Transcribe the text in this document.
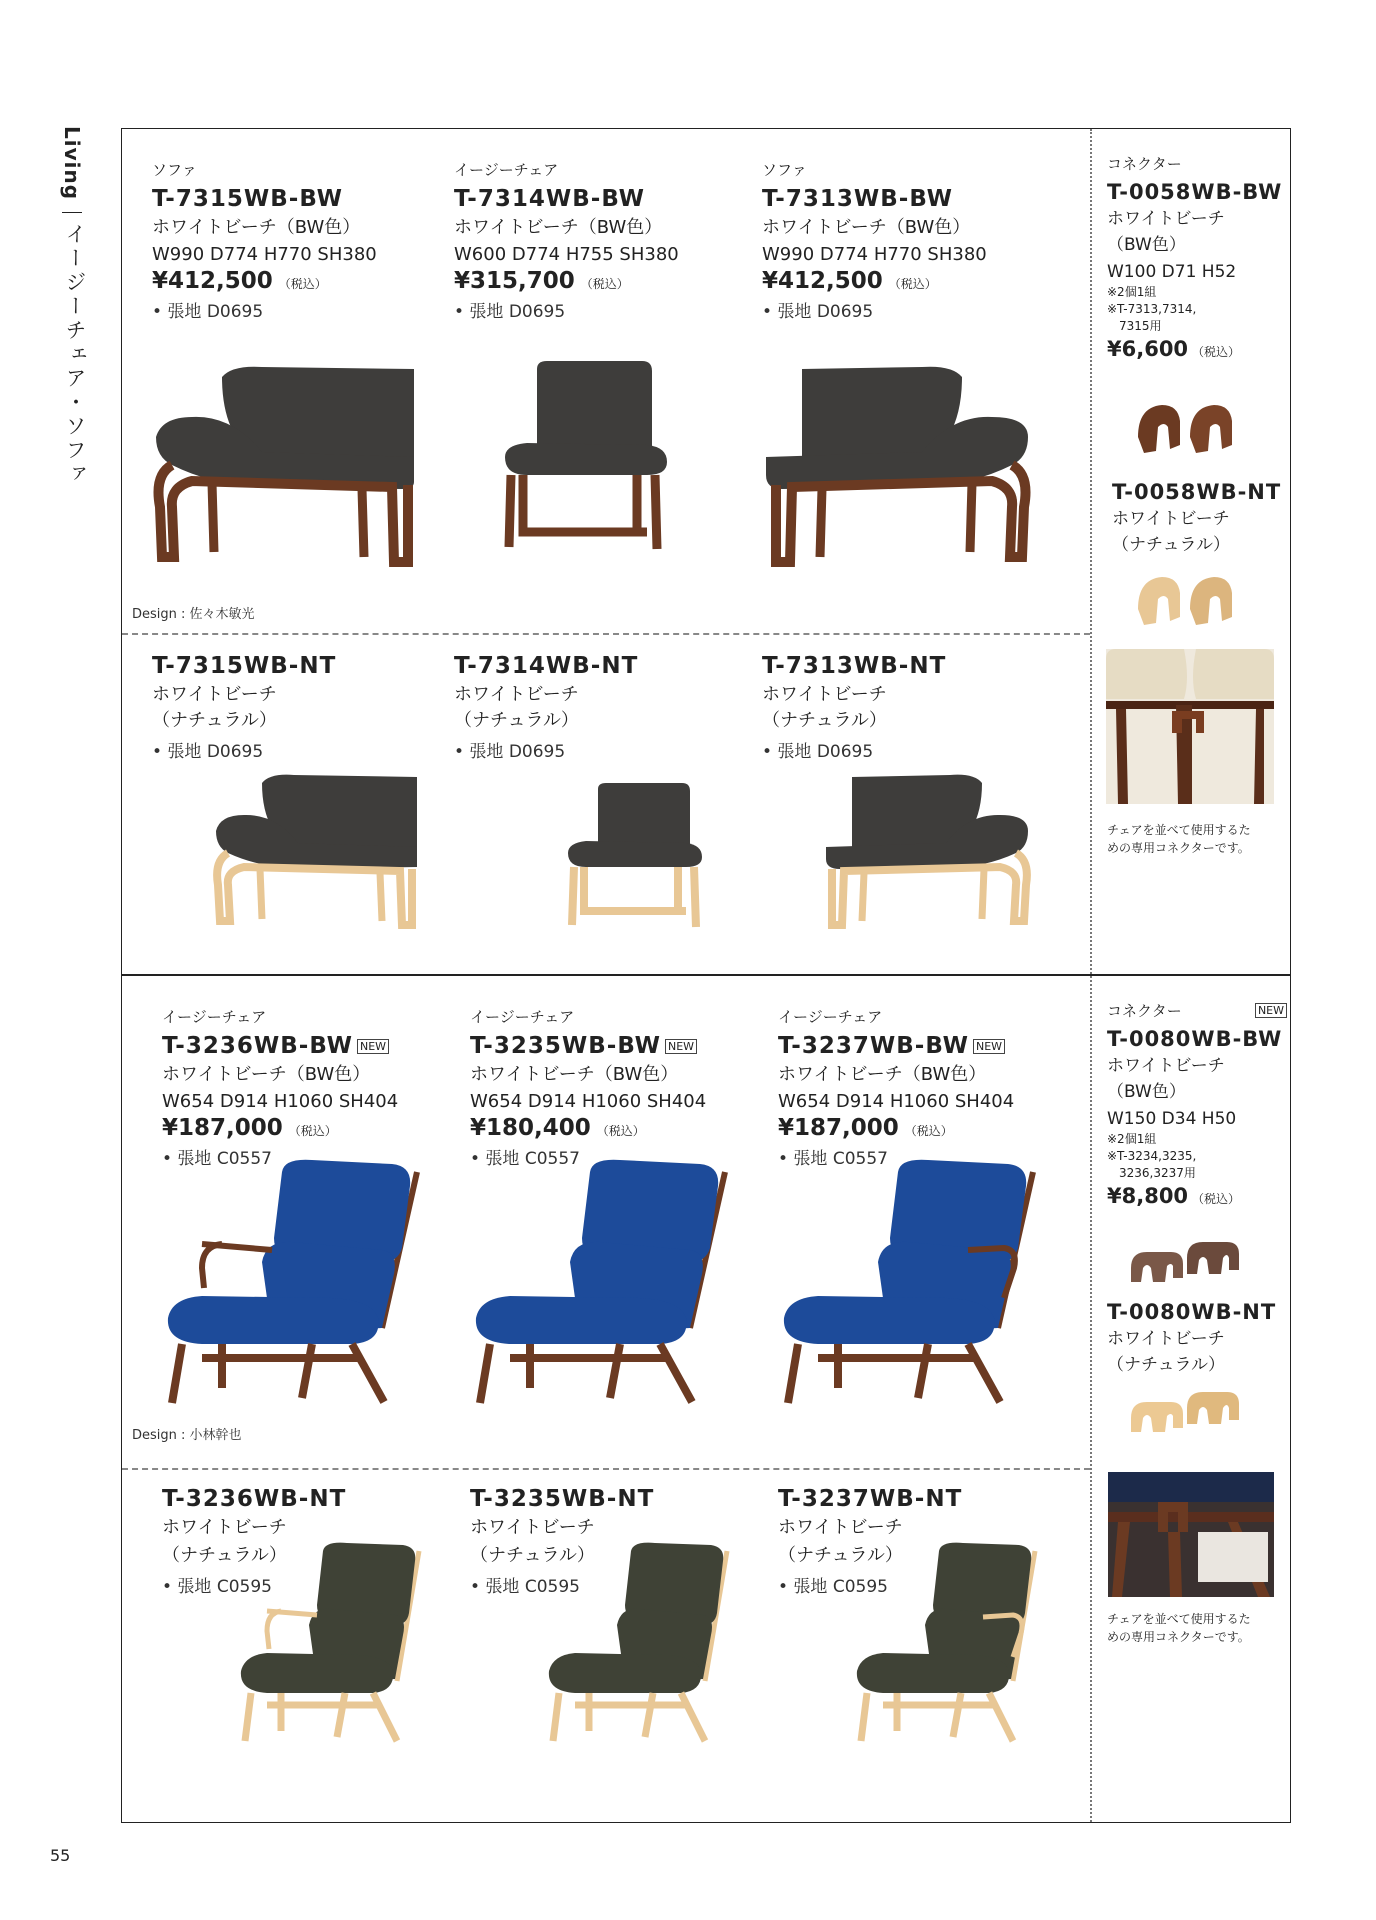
Living
イージーチェア・ソファ
55
ソファ
T-7315WB-BW
ホワイトビーチ（BW色）
W990 D774 H770 SH380
¥412,500 （税込）
• 張地 D0695
イージーチェア
T-7314WB-BW
ホワイトビーチ（BW色）
W600 D774 H755 SH380
¥315,700 （税込）
• 張地 D0695
ソファ
T-7313WB-BW
ホワイトビーチ（BW色）
W990 D774 H770 SH380
¥412,500 （税込）
• 張地 D0695
Design : 佐々木敏光
T-7315WB-NT
ホワイトビーチ
（ナチュラル）
• 張地 D0695
T-7314WB-NT
ホワイトビーチ
（ナチュラル）
• 張地 D0695
T-7313WB-NT
ホワイトビーチ
（ナチュラル）
• 張地 D0695
コネクター
T-0058WB-BW
ホワイトビーチ
（BW色）
W100 D71 H52
※2個1組
※T-7313,7314,
　7315用
¥6,600 （税込）
T-0058WB-NT
ホワイトビーチ
（ナチュラル）
チェアを並べて使用するた
めの専用コネクターです。
イージーチェア
T-3236WB-BW NEW
ホワイトビーチ（BW色）
W654 D914 H1060 SH404
¥187,000 （税込）
• 張地 C0557
イージーチェア
T-3235WB-BW NEW
ホワイトビーチ（BW色）
W654 D914 H1060 SH404
¥180,400 （税込）
• 張地 C0557
イージーチェア
T-3237WB-BW NEW
ホワイトビーチ（BW色）
W654 D914 H1060 SH404
¥187,000 （税込）
• 張地 C0557
Design : 小林幹也
T-3236WB-NT
ホワイトビーチ
（ナチュラル）
• 張地 C0595
T-3235WB-NT
ホワイトビーチ
（ナチュラル）
• 張地 C0595
T-3237WB-NT
ホワイトビーチ
（ナチュラル）
• 張地 C0595
コネクター	NEW
T-0080WB-BW
ホワイトビーチ
（BW色）
W150 D34 H50
※2個1組
※T-3234,3235,
　3236,3237用
¥8,800 （税込）
T-0080WB-NT
ホワイトビーチ
（ナチュラル）
チェアを並べて使用するた
めの専用コネクターです。
